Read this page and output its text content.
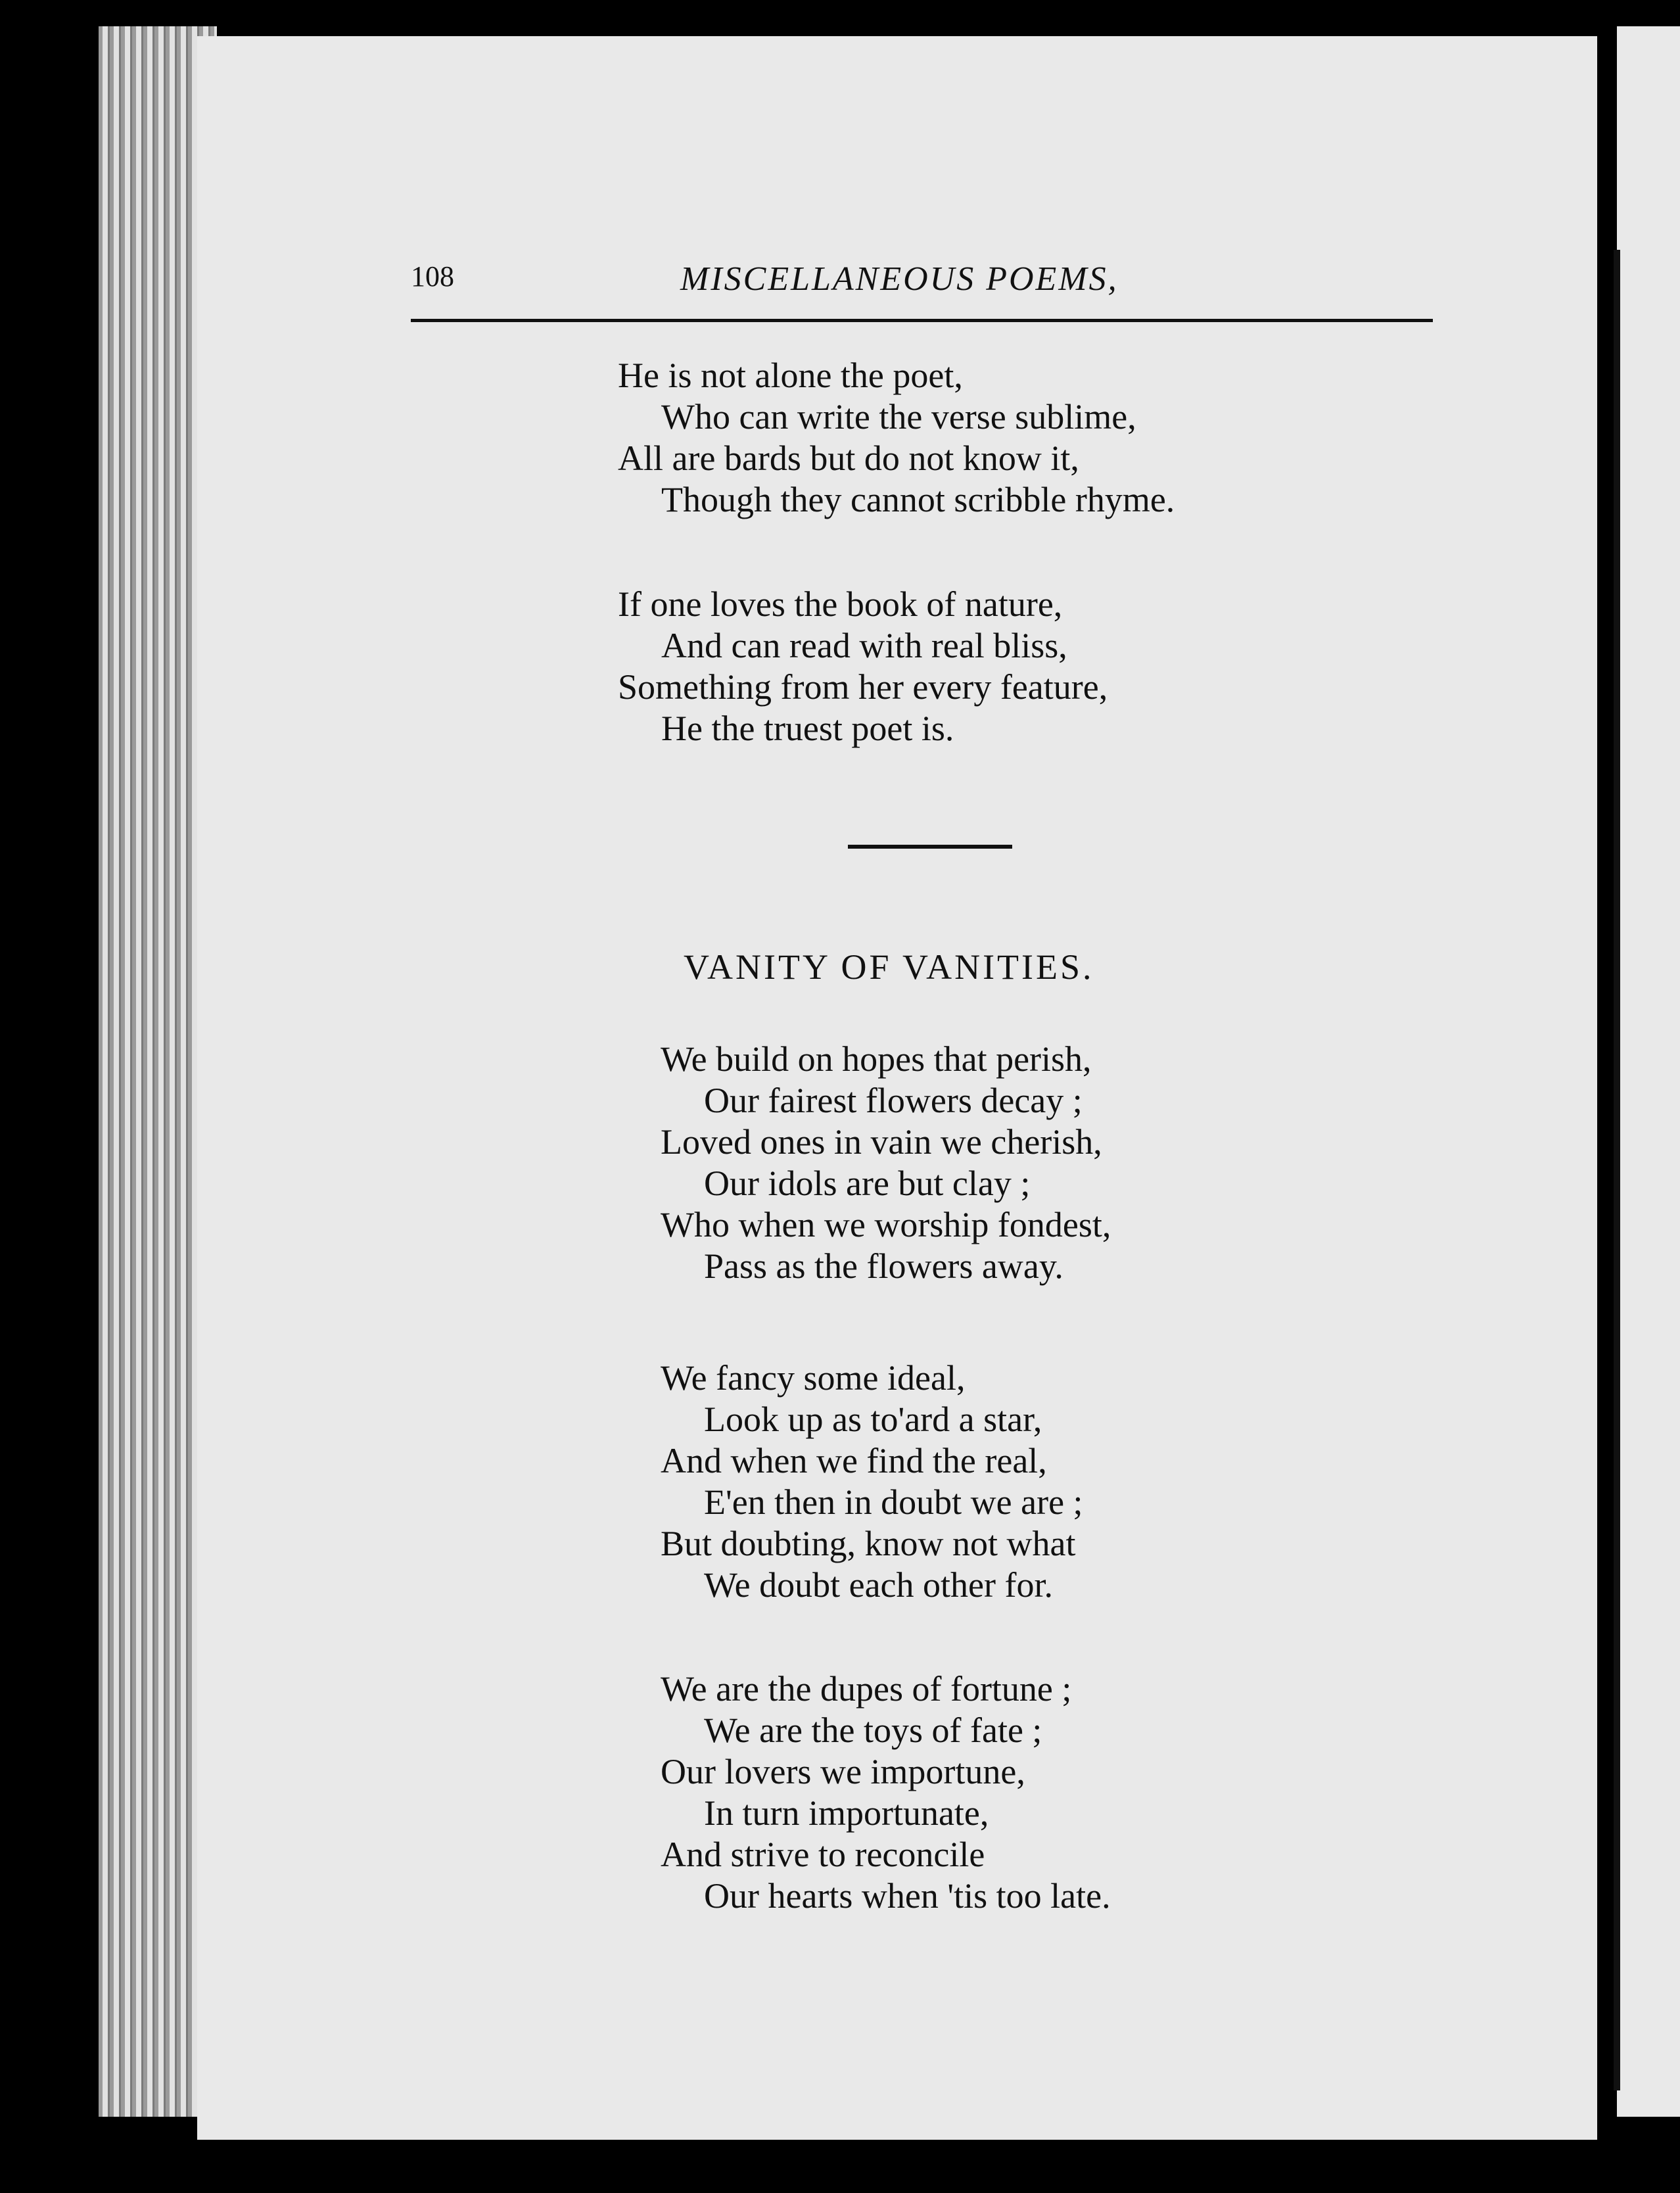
108	MISCELLANEOUS POEMS,
He is not alone the poet,
Who can write the verse sublime,
All are bards but do not know it,
Though they cannot scribble rhyme.
If one loves the book of nature,
And can read with real bliss,
Something from her every feature,
He the truest poet is.
VANITY OF VANITIES.
We build on hopes that perish,
Our fairest flowers decay ;
Loved ones in vain we cherish,
Our idols are but clay ;
Who when we worship fondest,
Pass as the flowers away.
We fancy some ideal,
Look up as to'ard a star,
And when we find the real,
E'en then in doubt we are ;
But doubting, know not what
We doubt each other for.
We are the dupes of fortune ;
We are the toys of fate ;
Our lovers we importune,
In turn importunate,
And strive to reconcile
Our hearts when 'tis too late.
